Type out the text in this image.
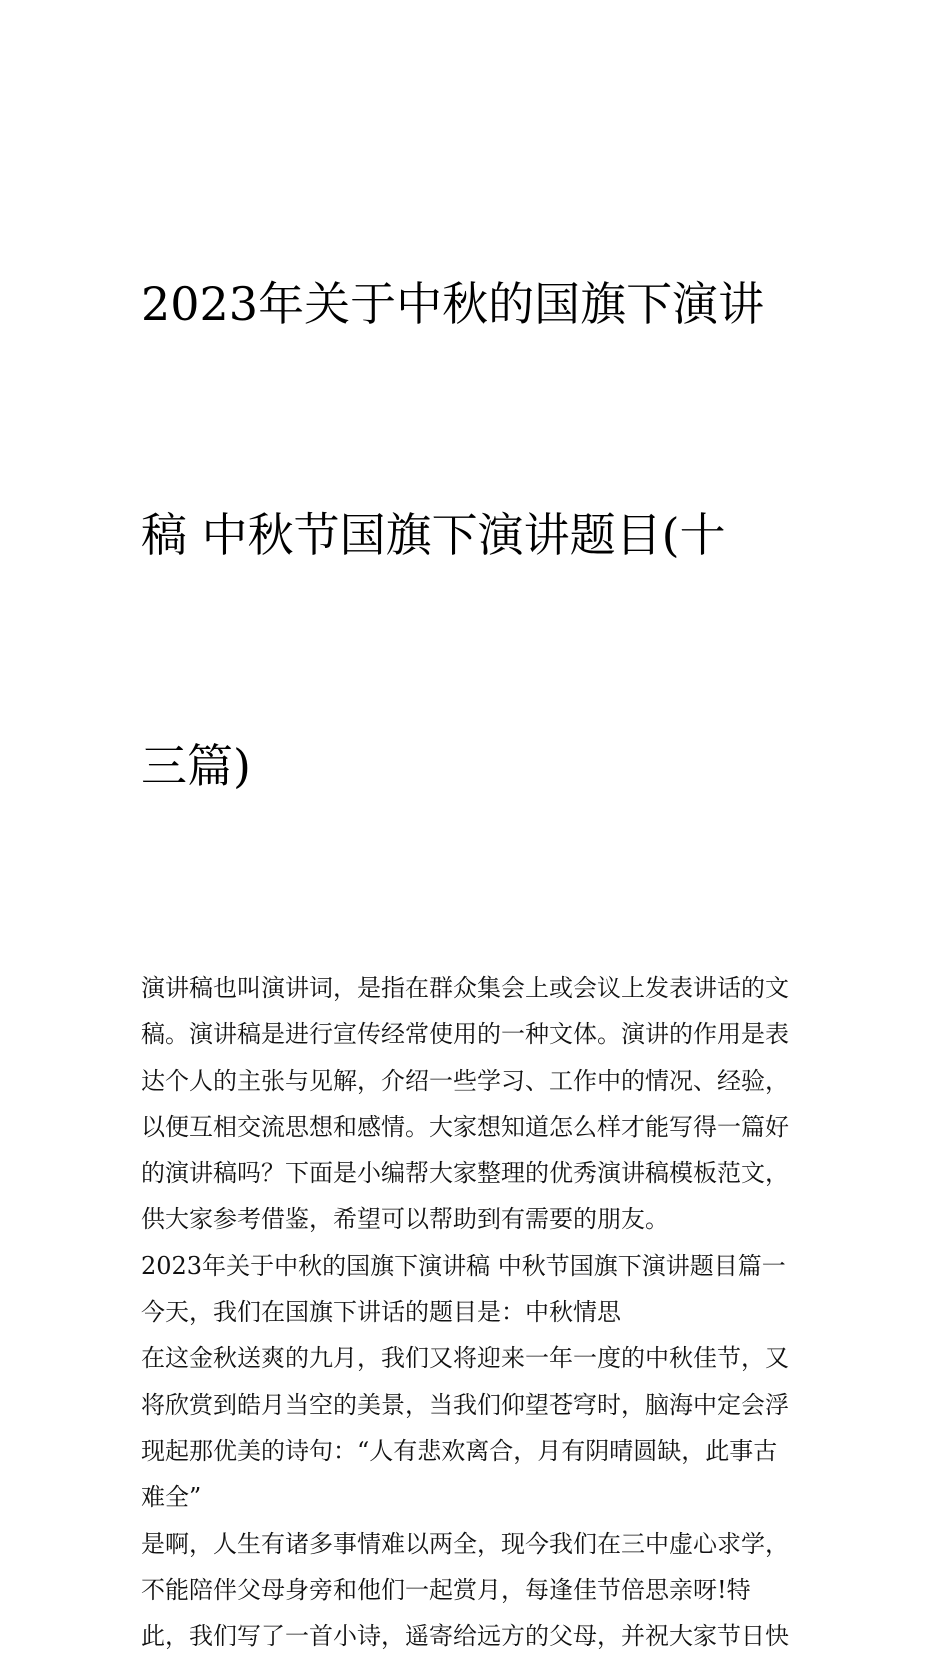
2023年关于中秋的国旗下演讲

稿 中秋节国旗下演讲题目(十

三篇)

演讲稿也叫演讲词，是指在群众集会上或会议上发表讲话的文
稿。演讲稿是进行宣传经常使用的一种文体。演讲的作用是表
达个人的主张与见解，介绍一些学习、工作中的情况、经验，
以便互相交流思想和感情。大家想知道怎么样才能写得一篇好
的演讲稿吗？下面是小编帮大家整理的优秀演讲稿模板范文，
供大家参考借鉴，希望可以帮助到有需要的朋友。
2023年关于中秋的国旗下演讲稿 中秋节国旗下演讲题目篇一
今天，我们在国旗下讲话的题目是：中秋情思
在这金秋送爽的九月，我们又将迎来一年一度的中秋佳节，又
将欣赏到皓月当空的美景，当我们仰望苍穹时，脑海中定会浮
现起那优美的诗句：“人有悲欢离合，月有阴晴圆缺，此事古
难全”
是啊，人生有诸多事情难以两全，现今我们在三中虚心求学，
不能陪伴父母身旁和他们一起赏月，每逢佳节倍思亲呀!特
此，我们写了一首小诗，遥寄给远方的父母，并祝大家节日快
